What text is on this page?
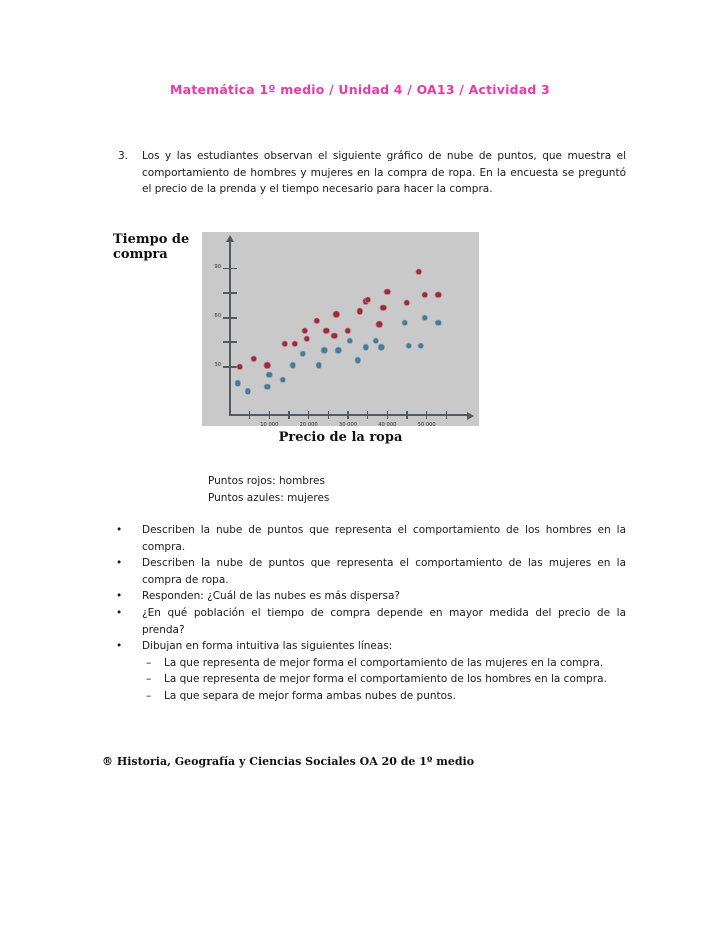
Matemática 1º medio / Unidad 4 / OA13 / Actividad 3
3.	Los y las estudiantes observan el siguiente gráfico de nube de puntos, que muestra el comportamiento de hombres y mujeres en la compra de ropa. En la encuesta se preguntó el precio de la prenda y el tiempo necesario para hacer la compra.
Tiempo de compra
30
60
90
10 000	20 000	30 000	40 000	50 000
Precio de la ropa
Puntos rojos: hombres
Puntos azules: mujeres
•	Describen la nube de puntos que representa el comportamiento de los hombres en la compra.
•	Describen la nube de puntos que representa el comportamiento de las mujeres en la compra de ropa.
•	Responden: ¿Cuál de las nubes es más dispersa?
•	¿En qué población el tiempo de compra depende en mayor medida del precio de la prenda?
•	Dibujan en forma intuitiva las siguientes líneas:
–	La que representa de mejor forma el comportamiento de las mujeres en la compra.
–	La que representa de mejor forma el comportamiento de los hombres en la compra.
–	La que separa de mejor forma ambas nubes de puntos.
® Historia, Geografía y Ciencias Sociales OA 20 de 1º medio
